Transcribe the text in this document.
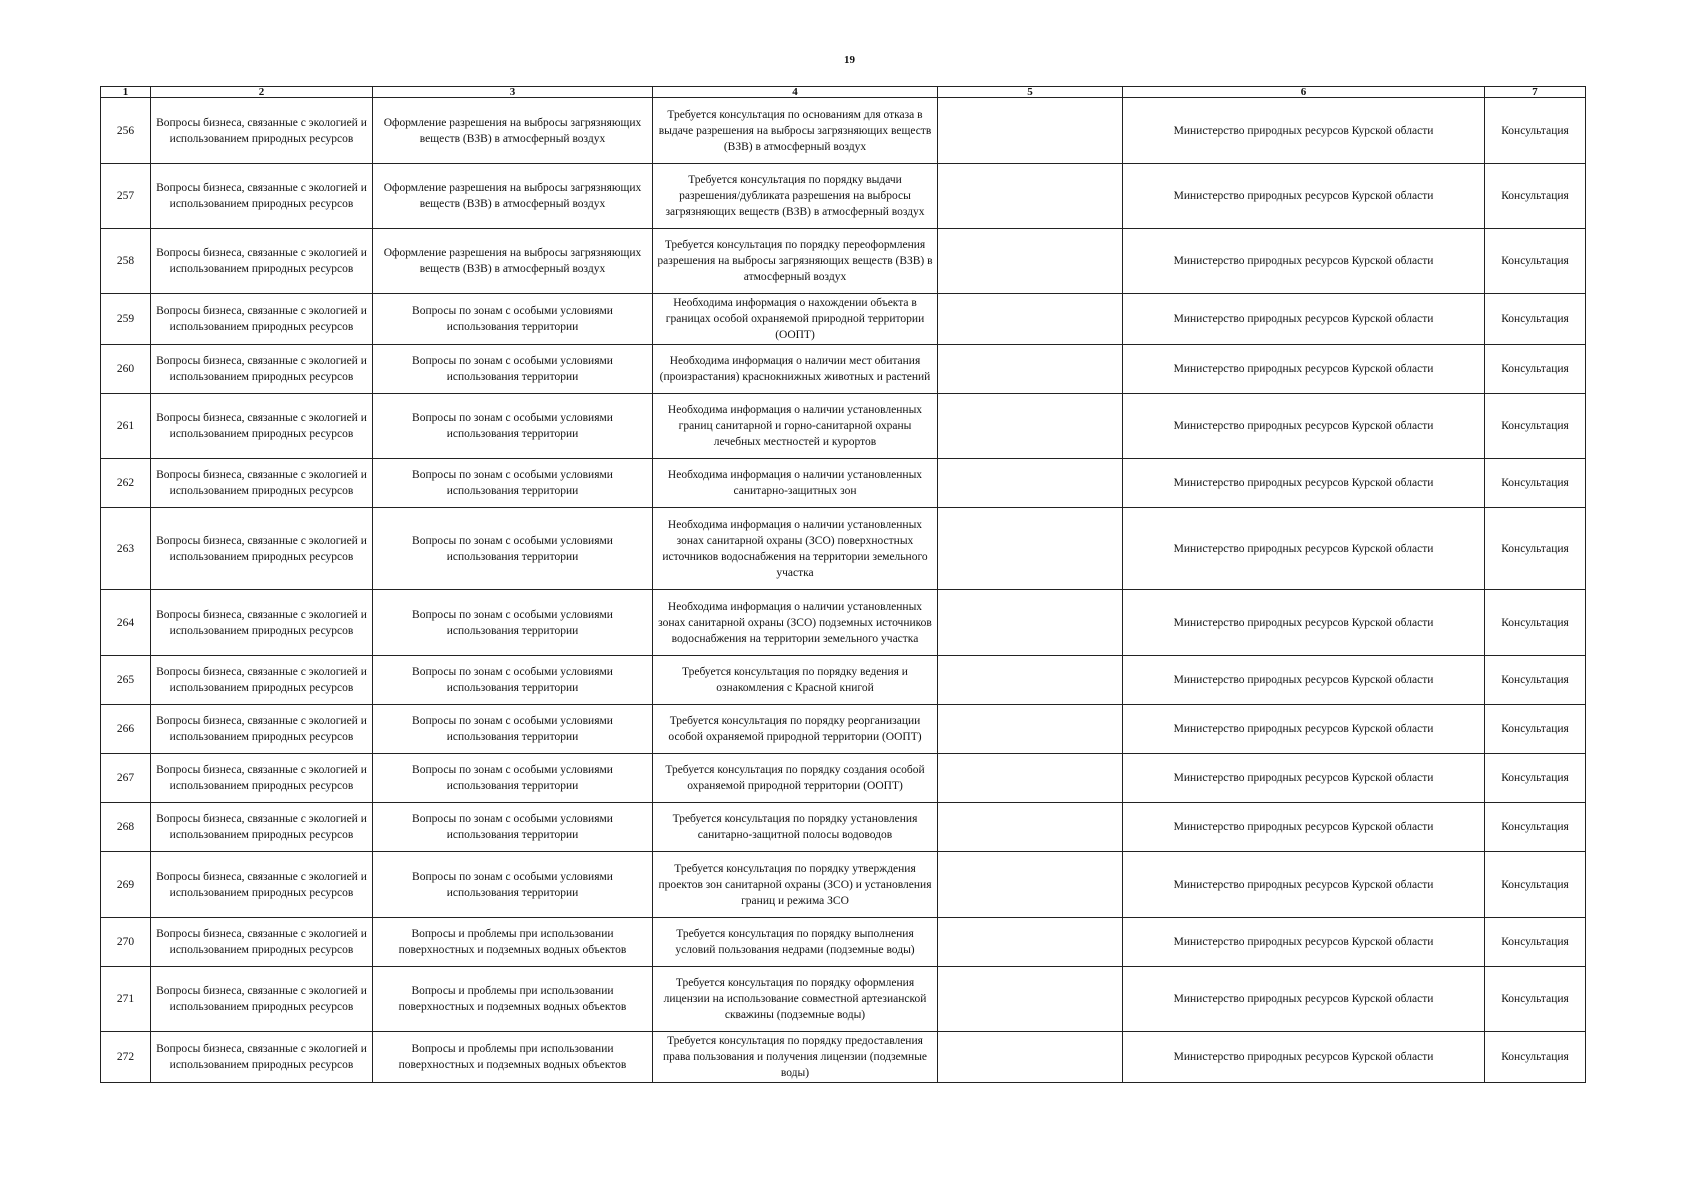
19
1	2	3	4	5	6	7
256	Вопросы бизнеса, связанные с экологией и использованием природных ресурсов	Оформление разрешения на выбросы загрязняющих веществ (ВЗВ) в атмосферный воздух	Требуется консультация по основаниям для отказа в выдаче разрешения на выбросы загрязняющих веществ (ВЗВ) в атмосферный воздух		Министерство природных ресурсов Курской области	Консультация
257	Вопросы бизнеса, связанные с экологией и использованием природных ресурсов	Оформление разрешения на выбросы загрязняющих веществ (ВЗВ) в атмосферный воздух	Требуется консультация по порядку выдачи разрешения/дубликата разрешения на выбросы загрязняющих веществ (ВЗВ) в атмосферный воздух		Министерство природных ресурсов Курской области	Консультация
258	Вопросы бизнеса, связанные с экологией и использованием природных ресурсов	Оформление разрешения на выбросы загрязняющих веществ (ВЗВ) в атмосферный воздух	Требуется консультация по порядку переоформления разрешения на выбросы загрязняющих веществ (ВЗВ) в атмосферный воздух		Министерство природных ресурсов Курской области	Консультация
259	Вопросы бизнеса, связанные с экологией и использованием природных ресурсов	Вопросы по зонам с особыми условиями использования территории	Необходима информация о нахождении объекта в границах особой охраняемой природной территории (ООПТ)		Министерство природных ресурсов Курской области	Консультация
260	Вопросы бизнеса, связанные с экологией и использованием природных ресурсов	Вопросы по зонам с особыми условиями использования территории	Необходима информация о наличии мест обитания (произрастания) краснокнижных животных и растений		Министерство природных ресурсов Курской области	Консультация
261	Вопросы бизнеса, связанные с экологией и использованием природных ресурсов	Вопросы по зонам с особыми условиями использования территории	Необходима информация о наличии установленных границ санитарной и горно-санитарной охраны лечебных местностей и курортов		Министерство природных ресурсов Курской области	Консультация
262	Вопросы бизнеса, связанные с экологией и использованием природных ресурсов	Вопросы по зонам с особыми условиями использования территории	Необходима информация о наличии установленных санитарно-защитных зон		Министерство природных ресурсов Курской области	Консультация
263	Вопросы бизнеса, связанные с экологией и использованием природных ресурсов	Вопросы по зонам с особыми условиями использования территории	Необходима информация о наличии установленных зонах санитарной охраны (ЗСО) поверхностных источников водоснабжения на территории земельного участка		Министерство природных ресурсов Курской области	Консультация
264	Вопросы бизнеса, связанные с экологией и использованием природных ресурсов	Вопросы по зонам с особыми условиями использования территории	Необходима информация о наличии установленных зонах санитарной охраны (ЗСО) подземных источников водоснабжения на территории земельного участка		Министерство природных ресурсов Курской области	Консультация
265	Вопросы бизнеса, связанные с экологией и использованием природных ресурсов	Вопросы по зонам с особыми условиями использования территории	Требуется консультация по порядку ведения и ознакомления с Красной книгой		Министерство природных ресурсов Курской области	Консультация
266	Вопросы бизнеса, связанные с экологией и использованием природных ресурсов	Вопросы по зонам с особыми условиями использования территории	Требуется консультация по порядку реорганизации особой охраняемой природной территории (ООПТ)		Министерство природных ресурсов Курской области	Консультация
267	Вопросы бизнеса, связанные с экологией и использованием природных ресурсов	Вопросы по зонам с особыми условиями использования территории	Требуется консультация по порядку создания особой охраняемой природной территории (ООПТ)		Министерство природных ресурсов Курской области	Консультация
268	Вопросы бизнеса, связанные с экологией и использованием природных ресурсов	Вопросы по зонам с особыми условиями использования территории	Требуется консультация по порядку установления санитарно-защитной полосы водоводов		Министерство природных ресурсов Курской области	Консультация
269	Вопросы бизнеса, связанные с экологией и использованием природных ресурсов	Вопросы по зонам с особыми условиями использования территории	Требуется консультация по порядку утверждения проектов зон санитарной охраны (ЗСО) и установления границ и режима ЗСО		Министерство природных ресурсов Курской области	Консультация
270	Вопросы бизнеса, связанные с экологией и использованием природных ресурсов	Вопросы и проблемы при использовании поверхностных и подземных водных объектов	Требуется консультация по порядку выполнения условий пользования недрами (подземные воды)		Министерство природных ресурсов Курской области	Консультация
271	Вопросы бизнеса, связанные с экологией и использованием природных ресурсов	Вопросы и проблемы при использовании поверхностных и подземных водных объектов	Требуется консультация по порядку оформления лицензии на использование совместной артезианской скважины (подземные воды)		Министерство природных ресурсов Курской области	Консультация
272	Вопросы бизнеса, связанные с экологией и использованием природных ресурсов	Вопросы и проблемы при использовании поверхностных и подземных водных объектов	Требуется консультация по порядку предоставления права пользования и получения лицензии (подземные воды)		Министерство природных ресурсов Курской области	Консультация
